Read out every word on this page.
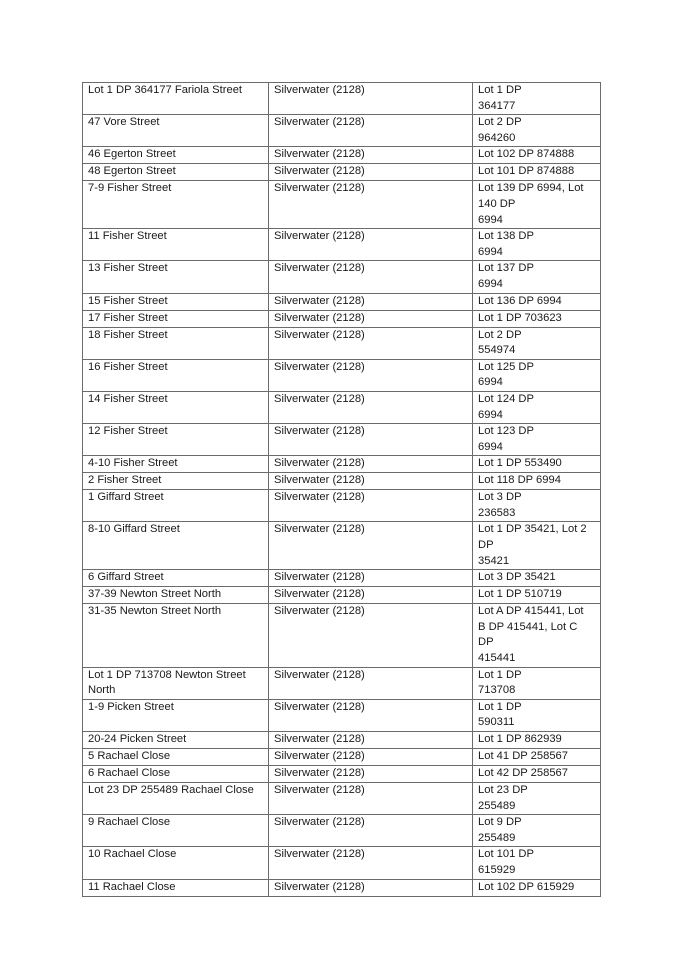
Lot 1 DP 364177 Fariola Street	Silverwater (2128)	Lot 1 DP
364177
47 Vore Street	Silverwater (2128)	Lot 2 DP
964260
46 Egerton Street	Silverwater (2128)	Lot 102 DP 874888
48 Egerton Street	Silverwater (2128)	Lot 101 DP 874888
7-9 Fisher Street	Silverwater (2128)	Lot 139 DP 6994, Lot
140 DP
6994
11 Fisher Street	Silverwater (2128)	Lot 138 DP
6994
13 Fisher Street	Silverwater (2128)	Lot 137 DP
6994
15 Fisher Street	Silverwater (2128)	Lot 136 DP 6994
17 Fisher Street	Silverwater (2128)	Lot 1 DP 703623
18 Fisher Street	Silverwater (2128)	Lot 2 DP
554974
16 Fisher Street	Silverwater (2128)	Lot 125 DP
6994
14 Fisher Street	Silverwater (2128)	Lot 124 DP
6994
12 Fisher Street	Silverwater (2128)	Lot 123 DP
6994
4-10 Fisher Street	Silverwater (2128)	Lot 1 DP 553490
2 Fisher Street	Silverwater (2128)	Lot 118 DP 6994
1 Giffard Street	Silverwater (2128)	Lot 3 DP
236583
8-10 Giffard Street	Silverwater (2128)	Lot 1 DP 35421, Lot 2
DP
35421
6 Giffard Street	Silverwater (2128)	Lot 3 DP 35421
37-39 Newton Street North	Silverwater (2128)	Lot 1 DP 510719
31-35 Newton Street North	Silverwater (2128)	Lot A DP 415441, Lot
B DP 415441, Lot C DP
415441
Lot 1 DP 713708 Newton Street North	Silverwater (2128)	Lot 1 DP
713708
1-9 Picken Street	Silverwater (2128)	Lot 1 DP
590311
20-24 Picken Street	Silverwater (2128)	Lot 1 DP 862939
5 Rachael Close	Silverwater (2128)	Lot 41 DP 258567
6 Rachael Close	Silverwater (2128)	Lot 42 DP 258567
Lot 23 DP 255489 Rachael Close	Silverwater (2128)	Lot 23 DP
255489
9 Rachael Close	Silverwater (2128)	Lot 9 DP
255489
10 Rachael Close	Silverwater (2128)	Lot 101 DP
615929
11 Rachael Close	Silverwater (2128)	Lot 102 DP 615929
